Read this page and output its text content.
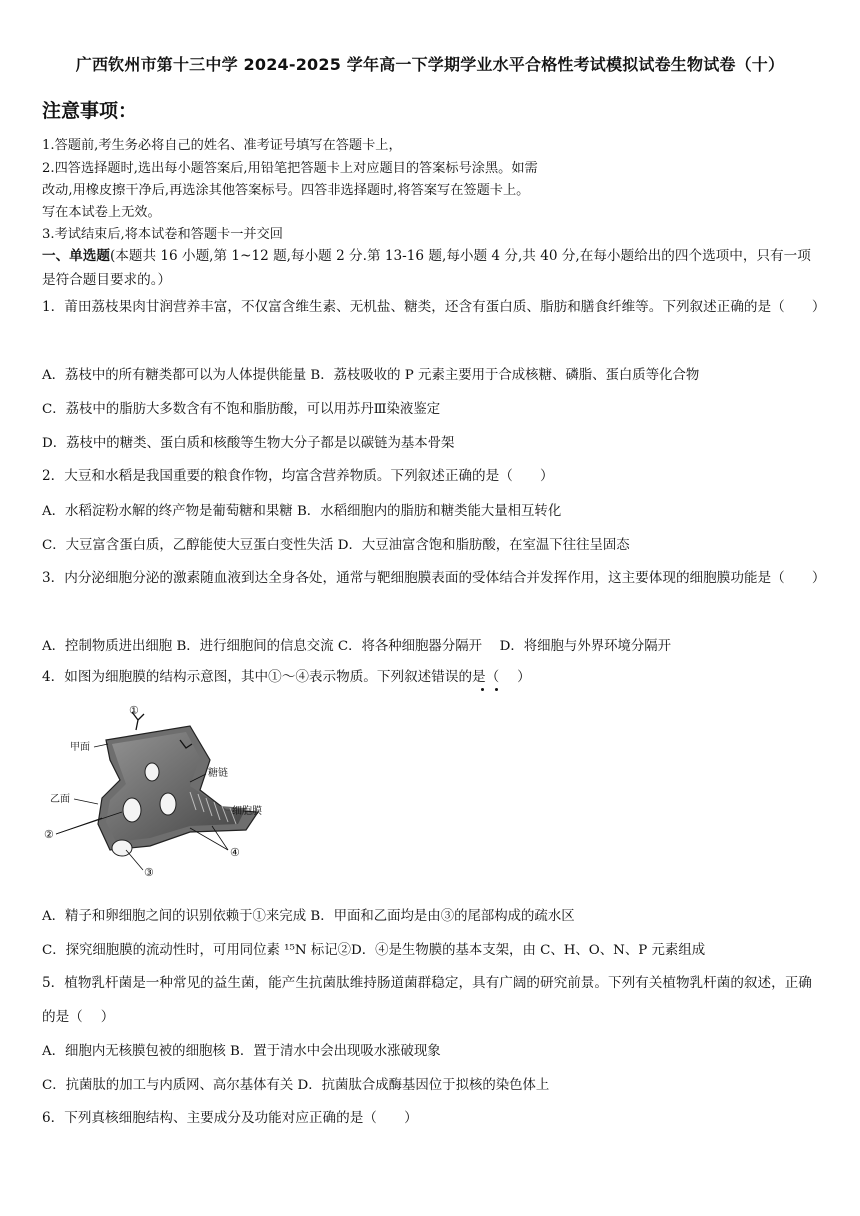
广西钦州市第十三中学 2024-2025 学年高一下学期学业水平合格性考试模拟试卷生物试卷（十）
注意事项：
1.答题前,考生务必将自己的姓名、准考证号填写在答题卡上，
2.四答选择题时,选出每小题答案后,用铅笔把答题卡上对应题目的答案标号涂黑。如需
改动,用橡皮擦干净后,再选涂其他答案标号。四答非选择题时,将答案写在签题卡上。
写在本试卷上无效。
3.考试结束后,将本试卷和答题卡一并交回
一、单选题(本题共 16 小题,第 1~12 题,每小题 2 分.第 13-16 题,每小题 4 分,共 40 分,在每小题给出的四个选项中，只有一项是符合题目要求的。）
1．莆田荔枝果肉甘润营养丰富，不仅富含维生素、无机盐、糖类，还含有蛋白质、脂肪和膳食纤维等。下列叙述正确的是（　　）
A．荔枝中的所有糖类都可以为人体提供能量 B．荔枝吸收的 P 元素主要用于合成核糖、磷脂、蛋白质等化合物
C．荔枝中的脂肪大多数含有不饱和脂肪酸，可以用苏丹Ⅲ染液鉴定
D．荔枝中的糖类、蛋白质和核酸等生物大分子都是以碳链为基本骨架
2．大豆和水稻是我国重要的粮食作物，均富含营养物质。下列叙述正确的是（　　）
A．水稻淀粉水解的终产物是葡萄糖和果糖 B．水稻细胞内的脂肪和糖类能大量相互转化
C．大豆富含蛋白质，乙醇能使大豆蛋白变性失活 D．大豆油富含饱和脂肪酸，在室温下往往呈固态
3．内分泌细胞分泌的激素随血液到达全身各处，通常与靶细胞膜表面的受体结合并发挥作用，这主要体现的细胞膜功能是（　　）
A．控制物质进出细胞 B．进行细胞间的信息交流 C．将各种细胞器分隔开　 D．将细胞与外界环境分隔开
4．如图为细胞膜的结构示意图，其中①～④表示物质。下列叙述错误的是（　 ）
①
甲面
糖链
乙面
细胞膜
②
④
③
A．精子和卵细胞之间的识别依赖于①来完成 B．甲面和乙面均是由③的尾部构成的疏水区
C．探究细胞膜的流动性时，可用同位素 ¹⁵N 标记②D．④是生物膜的基本支架，由 C、H、O、N、P 元素组成
5．植物乳杆菌是一种常见的益生菌，能产生抗菌肽维持肠道菌群稳定，具有广阔的研究前景。下列有关植物乳杆菌的叙述，正确的是（　 ）
A．细胞内无核膜包被的细胞核 B．置于清水中会出现吸水涨破现象
C．抗菌肽的加工与内质网、高尔基体有关 D．抗菌肽合成酶基因位于拟核的染色体上
6．下列真核细胞结构、主要成分及功能对应正确的是（　　）
